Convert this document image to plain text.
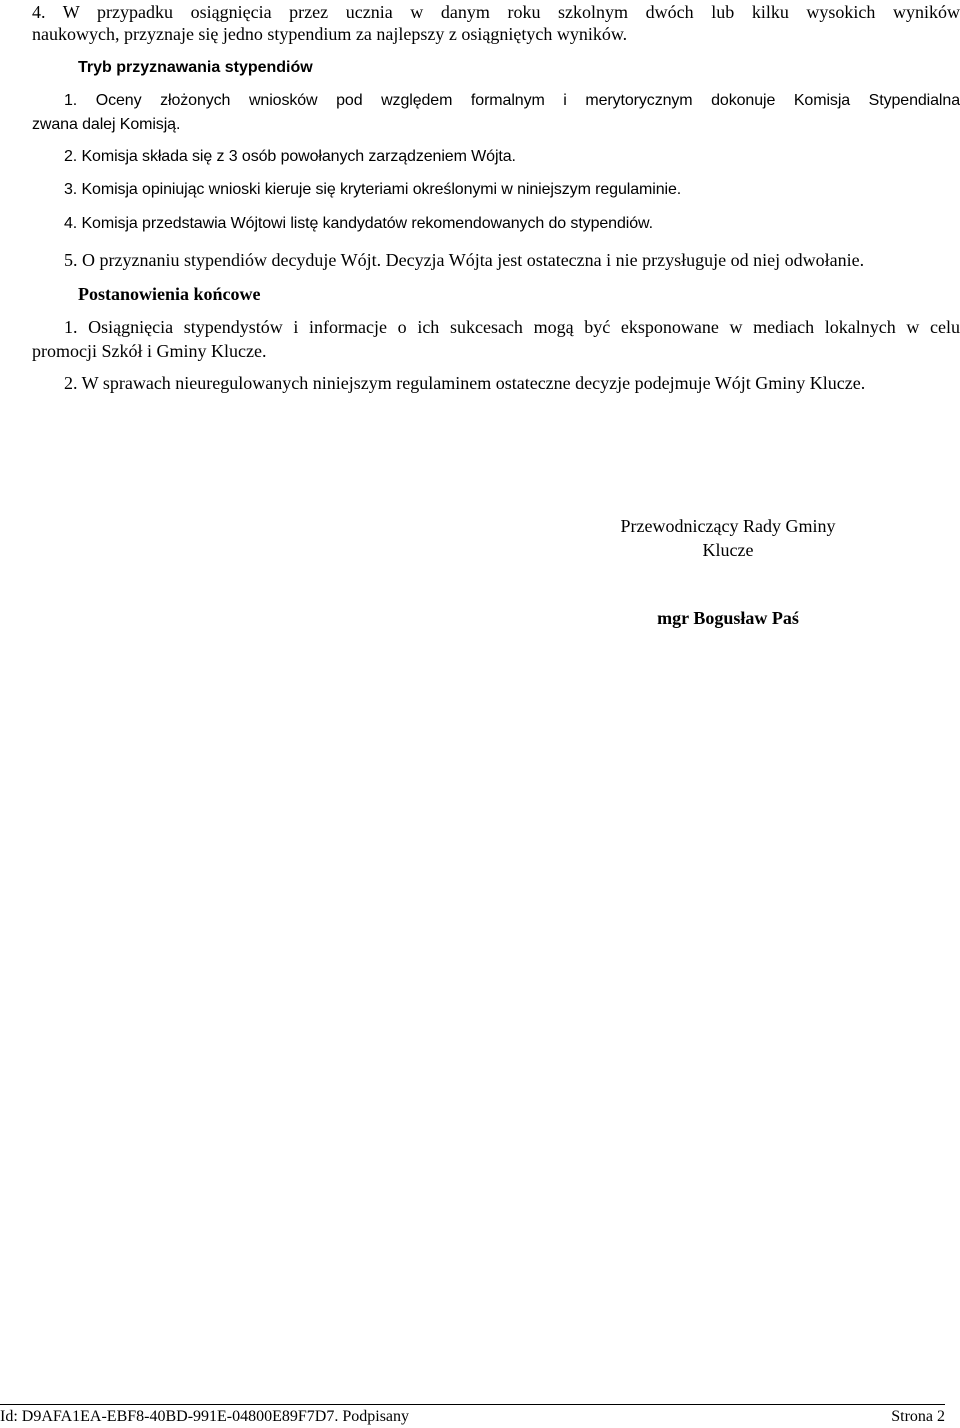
4. W przypadku osiągnięcia przez ucznia w danym roku szkolnym dwóch lub kilku wysokich wyników
naukowych, przyznaje się jedno stypendium za najlepszy z osiągniętych wyników.
Tryb przyznawania stypendiów
1. Oceny złożonych wniosków pod względem formalnym i merytorycznym dokonuje Komisja Stypendialna
zwana dalej Komisją.
2. Komisja składa się z 3 osób powołanych zarządzeniem Wójta.
3. Komisja opiniując wnioski kieruje się kryteriami określonymi w niniejszym regulaminie.
4. Komisja przedstawia Wójtowi listę kandydatów rekomendowanych do stypendiów.
5. O przyznaniu stypendiów decyduje Wójt. Decyzja Wójta jest ostateczna i nie przysługuje od niej odwołanie.
Postanowienia końcowe
1. Osiągnięcia stypendystów i informacje o ich sukcesach mogą być eksponowane w mediach lokalnych w celu
promocji Szkół i Gminy Klucze.
2. W sprawach nieuregulowanych niniejszym regulaminem ostateczne decyzje podejmuje Wójt Gminy Klucze.
Przewodniczący Rady Gminy
Klucze
mgr Bogusław Paś
Id: D9AFA1EA-EBF8-40BD-991E-04800E89F7D7. Podpisany	Strona 2
